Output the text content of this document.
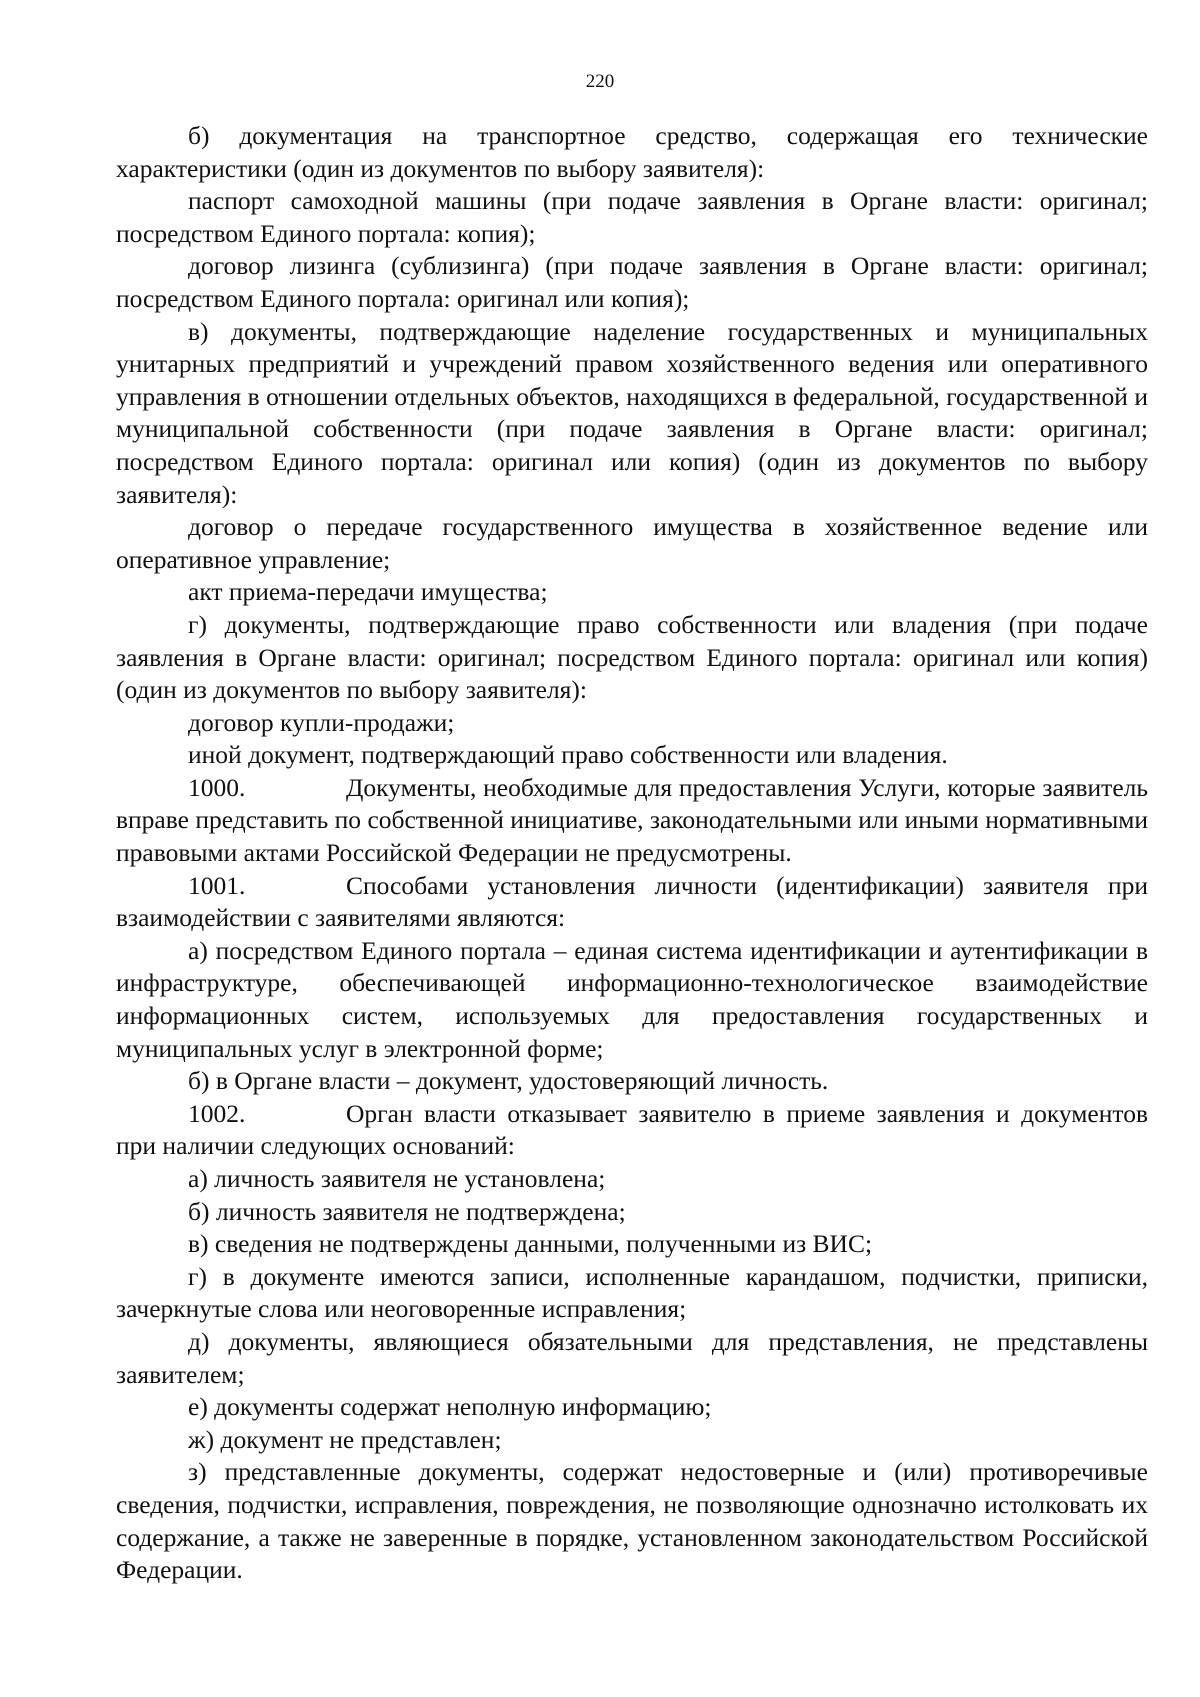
220

б) документация на транспортное средство, содержащая его технические характеристики (один из документов по выбору заявителя):

паспорт самоходной машины (при подаче заявления в Органе власти: оригинал; посредством Единого портала: копия);

договор лизинга (сублизинга) (при подаче заявления в Органе власти: оригинал; посредством Единого портала: оригинал или копия);

в) документы, подтверждающие наделение государственных и муниципальных унитарных предприятий и учреждений правом хозяйственного ведения или оперативного управления в отношении отдельных объектов, находящихся в федеральной, государственной и муниципальной собственности (при подаче заявления в Органе власти: оригинал; посредством Единого портала: оригинал или копия) (один из документов по выбору заявителя):

договор о передаче государственного имущества в хозяйственное ведение или оперативное управление;

акт приема-передачи имущества;

г) документы, подтверждающие право собственности или владения (при подаче заявления в Органе власти: оригинал; посредством Единого портала: оригинал или копия) (один из документов по выбору заявителя):

договор купли-продажи;

иной документ, подтверждающий право собственности или владения.

1000.	Документы, необходимые для предоставления Услуги, которые заявитель вправе представить по собственной инициативе, законодательными или иными нормативными правовыми актами Российской Федерации не предусмотрены.

1001.	Способами установления личности (идентификации) заявителя при взаимодействии с заявителями являются:

а) посредством Единого портала – единая система идентификации и аутентификации в инфраструктуре, обеспечивающей информационно-технологическое взаимодействие информационных систем, используемых для предоставления государственных и муниципальных услуг в электронной форме;

б) в Органе власти – документ, удостоверяющий личность.

1002.	Орган власти отказывает заявителю в приеме заявления и документов при наличии следующих оснований:

а) личность заявителя не установлена;

б) личность заявителя не подтверждена;

в) сведения не подтверждены данными, полученными из ВИС;

г) в документе имеются записи, исполненные карандашом, подчистки, приписки, зачеркнутые слова или неоговоренные исправления;

д) документы, являющиеся обязательными для представления, не представлены заявителем;

е) документы содержат неполную информацию;

ж) документ не представлен;

з) представленные документы, содержат недостоверные и (или) противоречивые сведения, подчистки, исправления, повреждения, не позволяющие однозначно истолковать их содержание, а также не заверенные в порядке, установленном законодательством Российской Федерации.
